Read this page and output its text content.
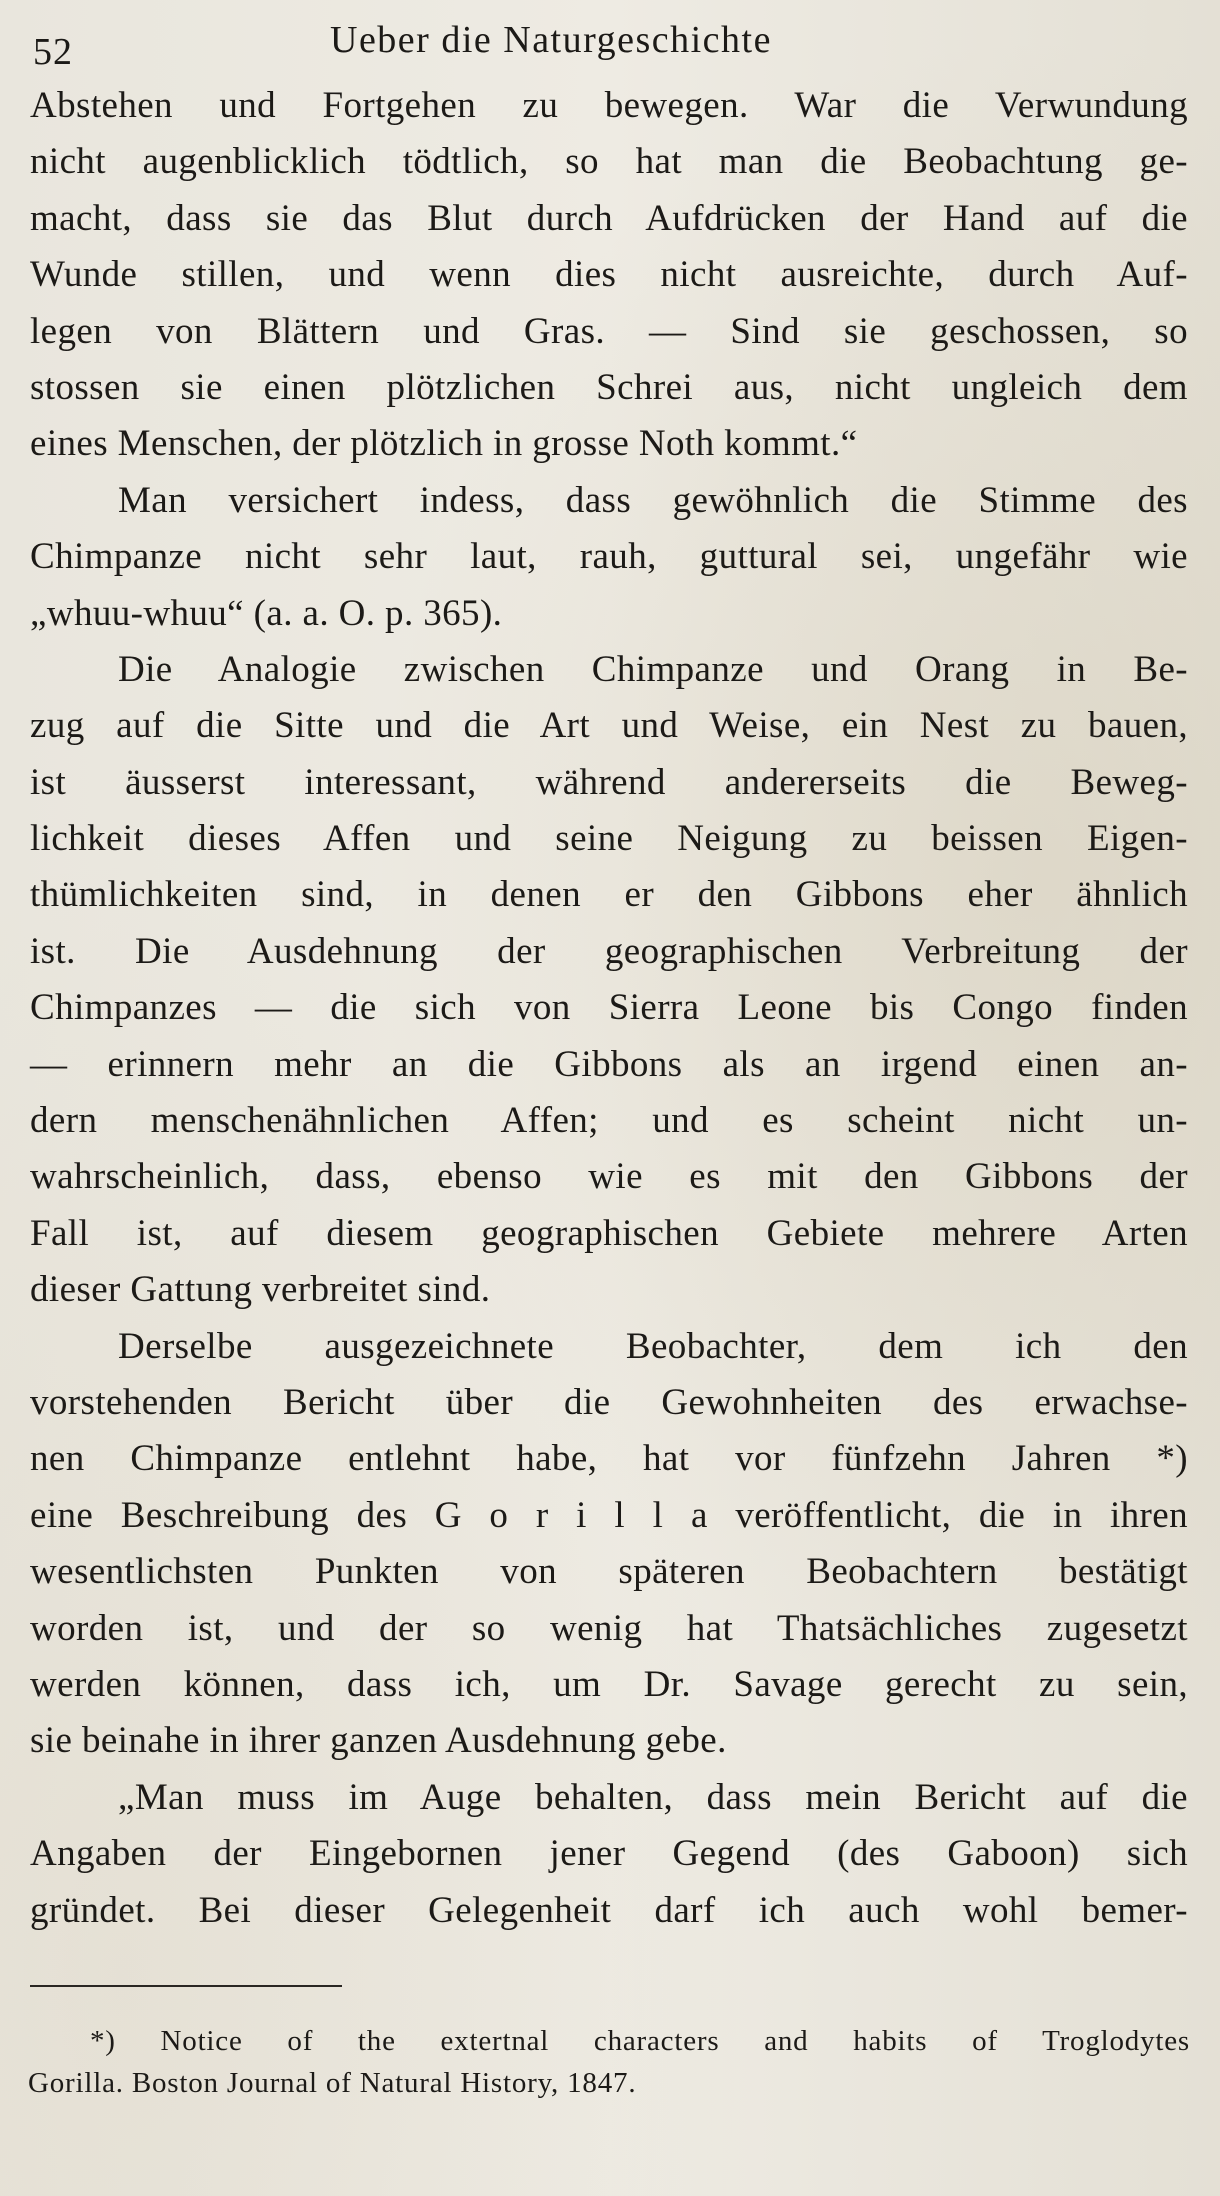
52	Ueber die Naturgeschichte
Abstehen und Fortgehen zu bewegen. War die Verwundung
nicht augenblicklich tödtlich, so hat man die Beobachtung ge-
macht, dass sie das Blut durch Aufdrücken der Hand auf die
Wunde stillen, und wenn dies nicht ausreichte, durch Auf-
legen von Blättern und Gras. — Sind sie geschossen, so
stossen sie einen plötzlichen Schrei aus, nicht ungleich dem
eines Menschen, der plötzlich in grosse Noth kommt.“
Man versichert indess, dass gewöhnlich die Stimme des
Chimpanze nicht sehr laut, rauh, guttural sei, ungefähr wie
„whuu-whuu“ (a. a. O. p. 365).
Die Analogie zwischen Chimpanze und Orang in Be-
zug auf die Sitte und die Art und Weise, ein Nest zu bauen,
ist äusserst interessant, während andererseits die Beweg-
lichkeit dieses Affen und seine Neigung zu beissen Eigen-
thümlichkeiten sind, in denen er den Gibbons eher ähnlich
ist. Die Ausdehnung der geographischen Verbreitung der
Chimpanzes — die sich von Sierra Leone bis Congo finden
— erinnern mehr an die Gibbons als an irgend einen an-
dern menschenähnlichen Affen; und es scheint nicht un-
wahrscheinlich, dass, ebenso wie es mit den Gibbons der
Fall ist, auf diesem geographischen Gebiete mehrere Arten
dieser Gattung verbreitet sind.
Derselbe ausgezeichnete Beobachter, dem ich den
vorstehenden Bericht über die Gewohnheiten des erwachse-
nen Chimpanze entlehnt habe, hat vor fünfzehn Jahren *)
eine Beschreibung des G o r i l l a veröffentlicht, die in ihren
wesentlichsten Punkten von späteren Beobachtern bestätigt
worden ist, und der so wenig hat Thatsächliches zugesetzt
werden können, dass ich, um Dr. Savage gerecht zu sein,
sie beinahe in ihrer ganzen Ausdehnung gebe.
„Man muss im Auge behalten, dass mein Bericht auf die
Angaben der Eingebornen jener Gegend (des Gaboon) sich
gründet. Bei dieser Gelegenheit darf ich auch wohl bemer-
*) Notice of the extertnal characters and habits of Troglodytes
Gorilla. Boston Journal of Natural History, 1847.
